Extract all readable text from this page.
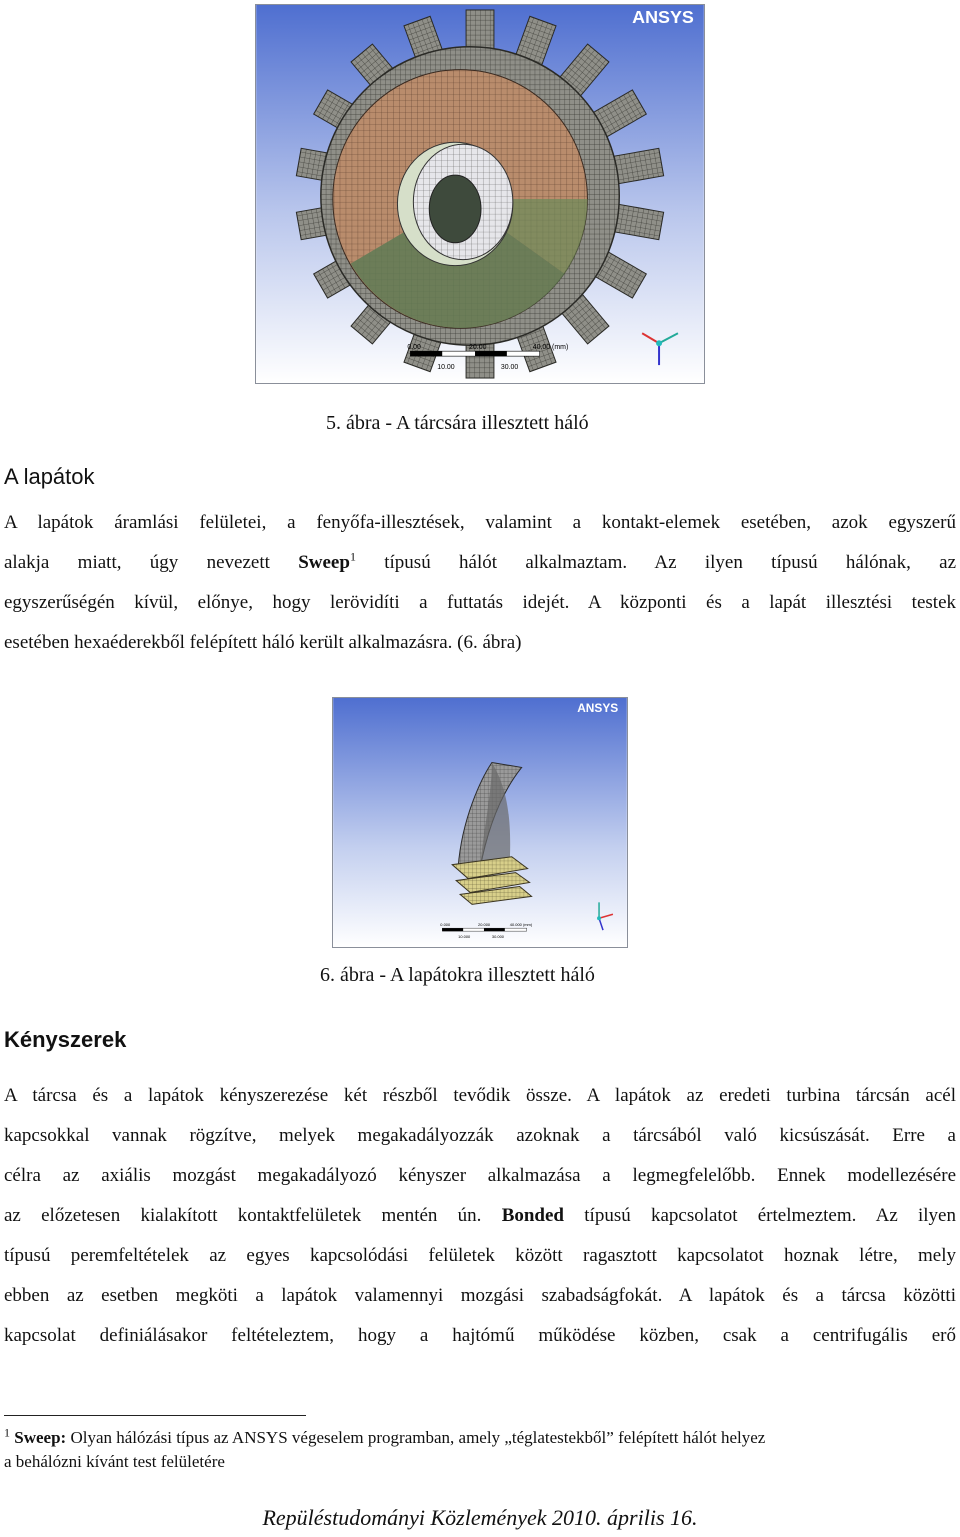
ANSYS
0.00	20.00	40.00 (mm)
10.00	30.00
5. ábra - A tárcsára illesztett háló
A lapátok
A lapátok áramlási felületei, a fenyőfa-illesztések, valamint a kontakt-elemek esetében, azok egyszerű
alakja miatt, úgy nevezett Sweep$^1$ típusú hálót alkalmaztam. Az ilyen típusú hálónak, az
egyszerűségén kívül, előnye, hogy lerövidíti a futtatás idejét. A központi és a lapát illesztési testek
esetében hexaéderekből felépített háló került alkalmazásra. (6. ábra)
ANSYS
0.000	20.000	40.000 (mm)
10.000	30.000
6. ábra - A lapátokra illesztett háló
Kényszerek
A tárcsa és a lapátok kényszerezése két részből tevődik össze. A lapátok az eredeti turbina tárcsán acél
kapcsokkal vannak rögzítve, melyek megakadályozzák azoknak a tárcsából való kicsúszását. Erre a
célra az axiális mozgást megakadályozó kényszer alkalmazása a legmegfelelőbb. Ennek modellezésére
az előzetesen kialakított kontaktfelületek mentén ún. Bonded típusú kapcsolatot értelmeztem. Az ilyen
típusú peremfeltételek az egyes kapcsolódási felületek között ragasztott kapcsolatot hoznak létre, mely
ebben az esetben megköti a lapátok valamennyi mozgási szabadságfokát. A lapátok és a tárcsa közötti
kapcsolat definiálásakor feltételeztem, hogy a hajtómű működése közben, csak a centrifugális erő
$^1$ Sweep: Olyan hálózási típus az ANSYS végeselem programban, amely „téglatestekből” felépített hálót helyez
a behálózni kívánt test felületére
Repüléstudományi Közlemények 2010. április 16.
